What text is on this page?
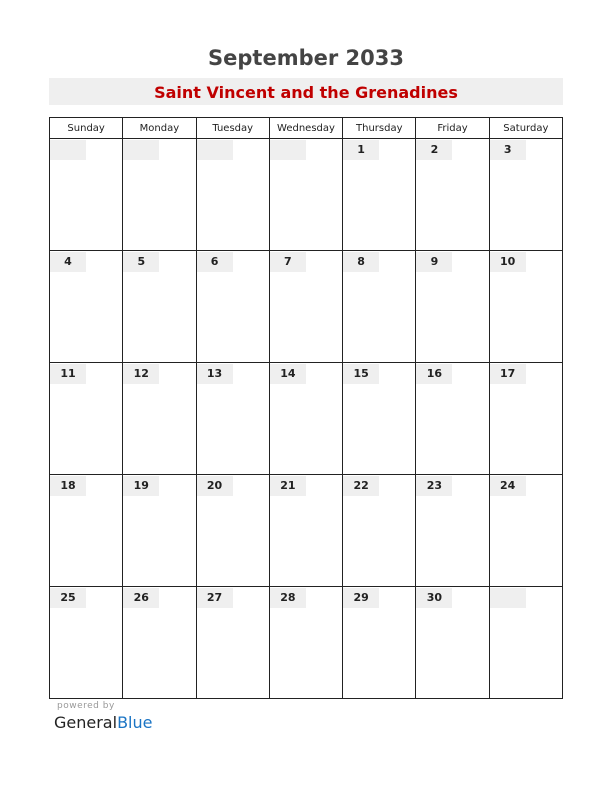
September 2033
Saint Vincent and the Grenadines
Sunday	Monday	Tuesday	Wednesday	Thursday	Friday	Saturday

				1	2	3

4	5	6	7	8	9	10

11	12	13	14	15	16	17

18	19	20	21	22	23	24

25	26	27	28	29	30	

powered by
GeneralBlue
